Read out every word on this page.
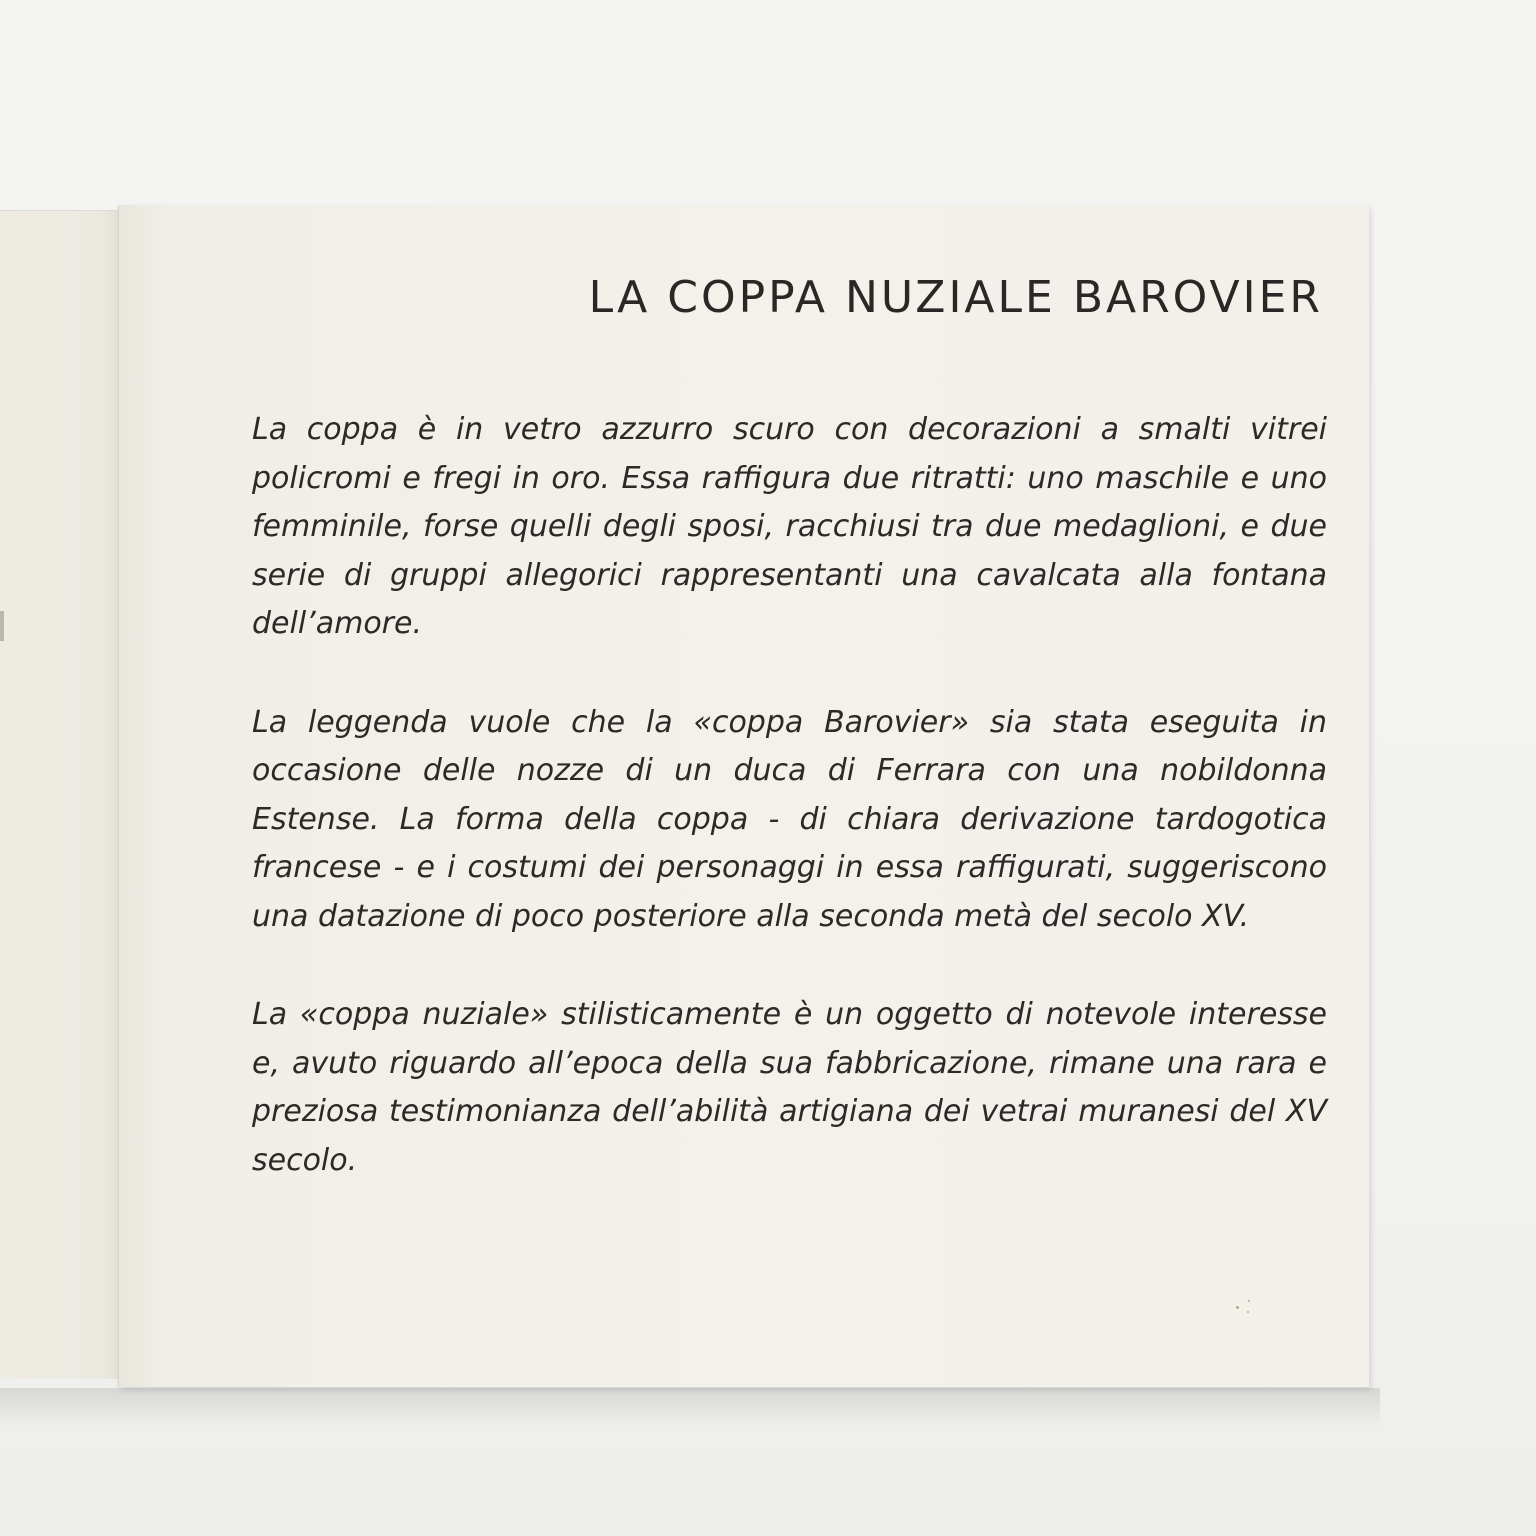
LA COPPA NUZIALE BAROVIER

La coppa è in vetro azzurro scuro con decorazioni a smalti vitrei policromi e fregi in oro. Essa raffigura due ritratti: uno maschile e uno femminile, forse quelli degli sposi, racchiusi tra due medaglioni, e due serie di gruppi allegorici rappresentanti una cavalcata alla fontana dell’amore.

La leggenda vuole che la «coppa Barovier» sia stata eseguita in occasione delle nozze di un duca di Ferrara con una nobildonna Estense. La forma della coppa - di chiara derivazione tardogotica francese - e i costumi dei personaggi in essa raffigurati, suggeriscono una datazione di poco posteriore alla seconda metà del secolo XV.

La «coppa nuziale» stilisticamente è un oggetto di notevole interesse e, avuto riguardo all’epoca della sua fabbricazione, rimane una rara e preziosa testimonianza dell’abilità artigiana dei vetrai muranesi del XV secolo.
